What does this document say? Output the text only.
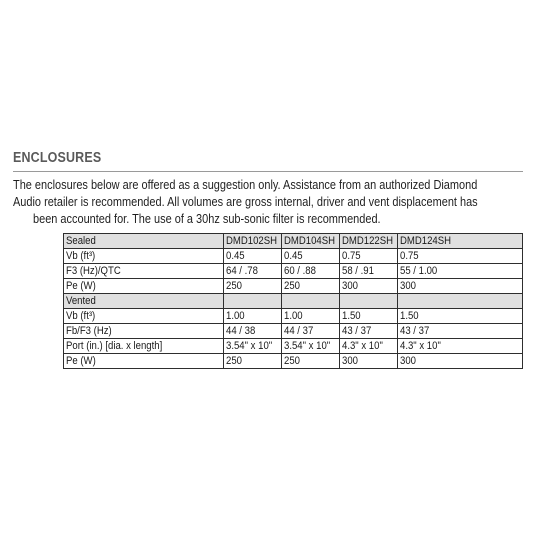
ENCLOSURES
The enclosures below are offered as a suggestion only. Assistance from an authorized Diamond
Audio retailer is recommended. All volumes are gross internal, driver and vent displacement has
been accounted for. The use of a 30hz sub-sonic filter is recommended.
Sealed	DMD102SH	DMD104SH	DMD122SH	DMD124SH
Vb (ft³)	0.45	0.45	0.75	0.75
F3 (Hz)/QTC	64 / .78	60 / .88	58 / .91	55 / 1.00
Pe (W)	250	250	300	300
Vented				
Vb (ft³)	1.00	1.00	1.50	1.50
Fb/F3 (Hz)	44 / 38	44 / 37	43 / 37	43 / 37
Port (in.) [dia. x length]	3.54" x 10"	3.54" x 10"	4.3" x 10"	4.3" x 10"
Pe (W)	250	250	300	300
